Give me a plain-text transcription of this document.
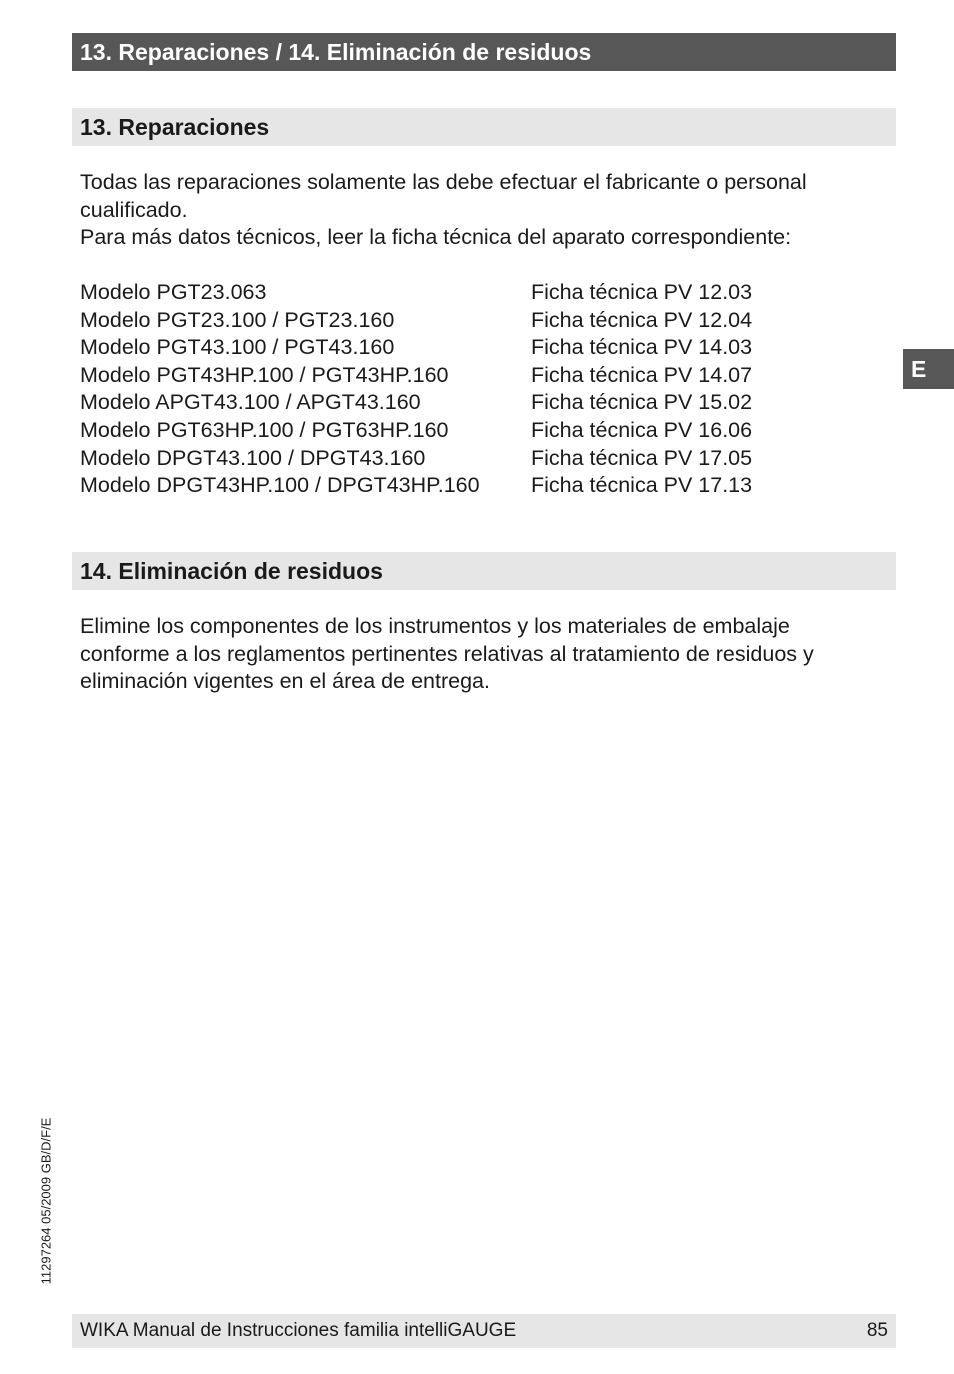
13. Reparaciones / 14. Eliminación de residuos
13. Reparaciones

Todas las reparaciones solamente las debe efectuar el fabricante o personal cualificado.

Para más datos técnicos, leer la ficha técnica del aparato correspondiente:

Modelo PGT23.063	Ficha técnica PV 12.03
Modelo PGT23.100 / PGT23.160	Ficha técnica PV 12.04
Modelo PGT43.100 / PGT43.160	Ficha técnica PV 14.03
Modelo PGT43HP.100 / PGT43HP.160	Ficha técnica PV 14.07
Modelo APGT43.100 / APGT43.160	Ficha técnica PV 15.02
Modelo PGT63HP.100 / PGT63HP.160	Ficha técnica PV 16.06
Modelo DPGT43.100 / DPGT43.160	Ficha técnica PV 17.05
Modelo DPGT43HP.100 / DPGT43HP.160	Ficha técnica PV 17.13
14. Eliminación de residuos

Elimine los componentes de los instrumentos y los materiales de embalaje conforme a los reglamentos pertinentes relativas al tratamiento de residuos y eliminación vigentes en el área de entrega.

E
11297264 05/2009 GB/D/F/E
WIKA Manual de Instrucciones familia intelliGAUGE	85
